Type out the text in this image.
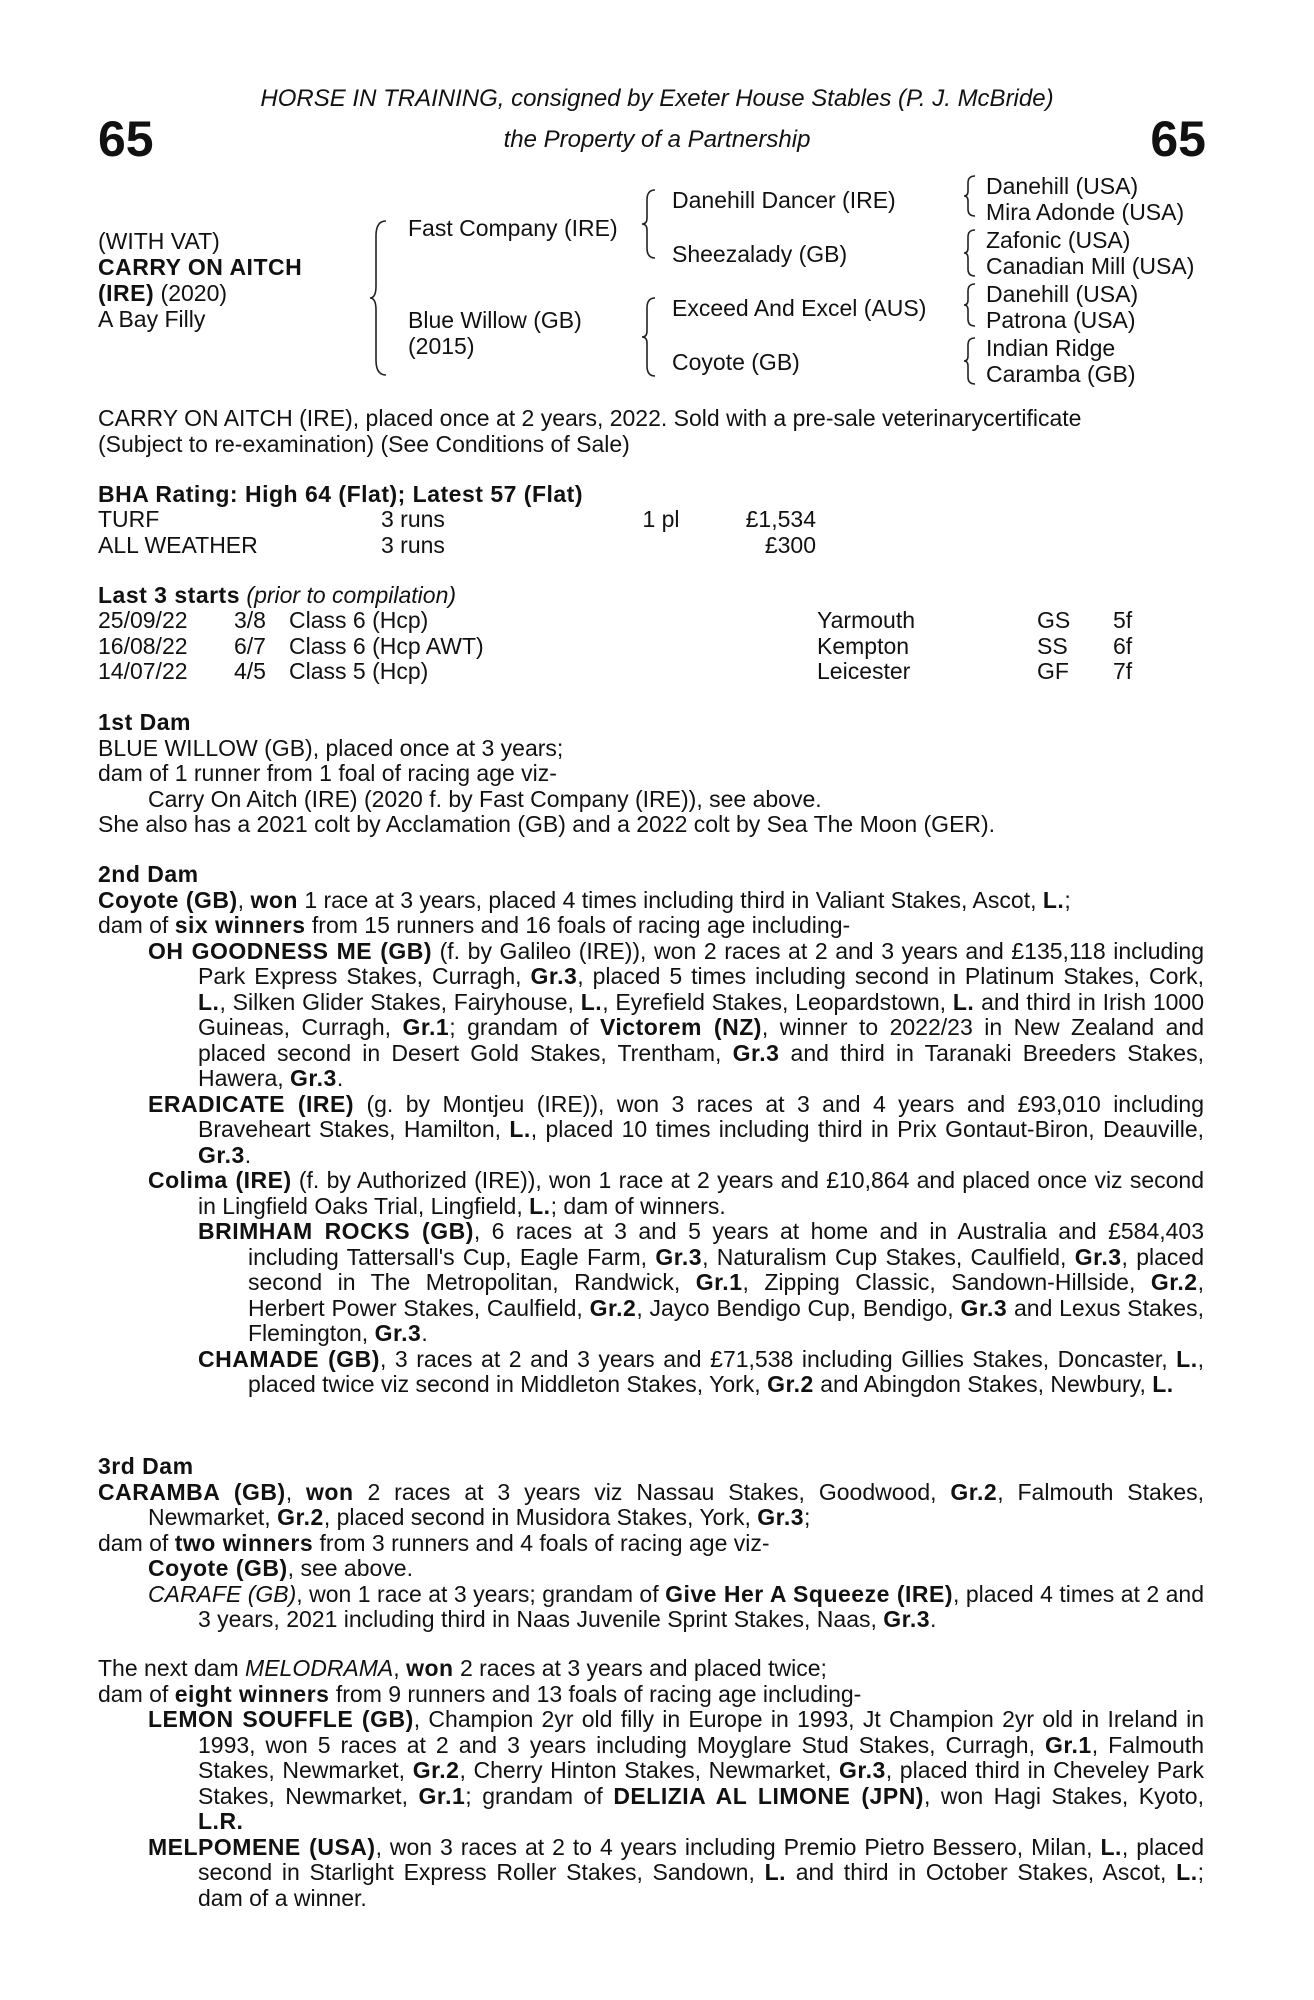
65	65
HORSE IN TRAINING, consigned by Exeter House Stables (P. J. McBride)
the Property of a Partnership
(WITH VAT)
CARRY ON AITCH
(IRE) (2020)
A Bay Filly
Fast Company (IRE)
Blue Willow (GB)
(2015)
Danehill Dancer (IRE)
Sheezalady (GB)
Exceed And Excel (AUS)
Coyote (GB)
Danehill (USA)
Mira Adonde (USA)
Zafonic (USA)
Canadian Mill (USA)
Danehill (USA)
Patrona (USA)
Indian Ridge
Caramba (GB)
CARRY ON AITCH (IRE), placed once at 2 years, 2022. Sold with a pre-sale veterinarycertificate
(Subject to re-examination) (See Conditions of Sale)
BHA Rating: High 64 (Flat); Latest 57 (Flat)
TURF	3 runs	1 pl	£1,534
ALL WEATHER	3 runs		£300
Last 3 starts (prior to compilation)
25/09/22	3/8	Class 6 (Hcp)	Yarmouth	GS	5f
16/08/22	6/7	Class 6 (Hcp AWT)	Kempton	SS	6f
14/07/22	4/5	Class 5 (Hcp)	Leicester	GF	7f
1st Dam
BLUE WILLOW (GB), placed once at 3 years;
dam of 1 runner from 1 foal of racing age viz-
Carry On Aitch (IRE) (2020 f. by Fast Company (IRE)), see above.
She also has a 2021 colt by Acclamation (GB) and a 2022 colt by Sea The Moon (GER).
2nd Dam
Coyote (GB), won 1 race at 3 years, placed 4 times including third in Valiant Stakes, Ascot, L.;
dam of six winners from 15 runners and 16 foals of racing age including-
OH GOODNESS ME (GB) (f. by Galileo (IRE)), won 2 races at 2 and 3 years and £135,118 including Park Express Stakes, Curragh, Gr.3, placed 5 times including second in Platinum Stakes, Cork, L., Silken Glider Stakes, Fairyhouse, L., Eyrefield Stakes, Leopardstown, L. and third in Irish 1000 Guineas, Curragh, Gr.1; grandam of Victorem (NZ), winner to 2022/23 in New Zealand and placed second in Desert Gold Stakes, Trentham, Gr.3 and third in Taranaki Breeders Stakes, Hawera, Gr.3.
ERADICATE (IRE) (g. by Montjeu (IRE)), won 3 races at 3 and 4 years and £93,010 including Braveheart Stakes, Hamilton, L., placed 10 times including third in Prix Gontaut-Biron, Deauville, Gr.3.
Colima (IRE) (f. by Authorized (IRE)), won 1 race at 2 years and £10,864 and placed once viz second in Lingfield Oaks Trial, Lingfield, L.; dam of winners.
BRIMHAM ROCKS (GB), 6 races at 3 and 5 years at home and in Australia and £584,403 including Tattersall's Cup, Eagle Farm, Gr.3, Naturalism Cup Stakes, Caulfield, Gr.3, placed second in The Metropolitan, Randwick, Gr.1, Zipping Classic, Sandown-Hillside, Gr.2, Herbert Power Stakes, Caulfield, Gr.2, Jayco Bendigo Cup, Bendigo, Gr.3 and Lexus Stakes, Flemington, Gr.3.
CHAMADE (GB), 3 races at 2 and 3 years and £71,538 including Gillies Stakes, Doncaster, L., placed twice viz second in Middleton Stakes, York, Gr.2 and Abingdon Stakes, Newbury, L.
3rd Dam
CARAMBA (GB), won 2 races at 3 years viz Nassau Stakes, Goodwood, Gr.2, Falmouth Stakes, Newmarket, Gr.2, placed second in Musidora Stakes, York, Gr.3;
dam of two winners from 3 runners and 4 foals of racing age viz-
Coyote (GB), see above.
CARAFE (GB), won 1 race at 3 years; grandam of Give Her A Squeeze (IRE), placed 4 times at 2 and 3 years, 2021 including third in Naas Juvenile Sprint Stakes, Naas, Gr.3.
The next dam MELODRAMA, won 2 races at 3 years and placed twice;
dam of eight winners from 9 runners and 13 foals of racing age including-
LEMON SOUFFLE (GB), Champion 2yr old filly in Europe in 1993, Jt Champion 2yr old in Ireland in 1993, won 5 races at 2 and 3 years including Moyglare Stud Stakes, Curragh, Gr.1, Falmouth Stakes, Newmarket, Gr.2, Cherry Hinton Stakes, Newmarket, Gr.3, placed third in Cheveley Park Stakes, Newmarket, Gr.1; grandam of DELIZIA AL LIMONE (JPN), won Hagi Stakes, Kyoto, L.R.
MELPOMENE (USA), won 3 races at 2 to 4 years including Premio Pietro Bessero, Milan, L., placed second in Starlight Express Roller Stakes, Sandown, L. and third in October Stakes, Ascot, L.; dam of a winner.
